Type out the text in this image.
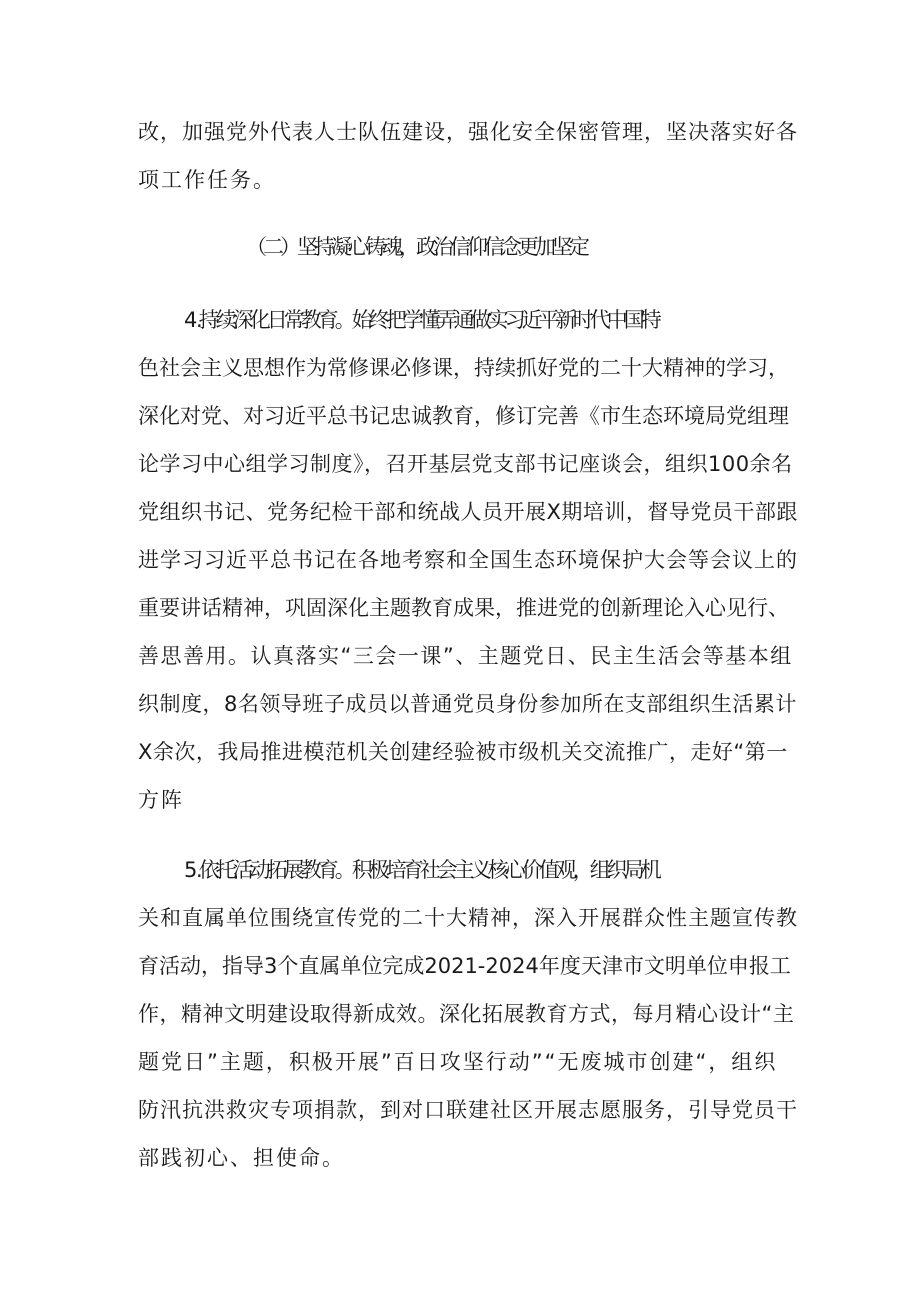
改，加强党外代表人士队伍建设，强化安全保密管理，坚决落实好各
项工作任务。
（二）坚持凝心铸魂，政治信仰信念更加坚定
4 .持续深化日常教育。始终把学懂弄通做实习近平新时代中国特
色社会主义思想作为常修课必修课，持续抓好党的二十大精神的学习，
深化对党、对习近平总书记忠诚教育，修订完善《市生态环境局党组理
论学习中心组学习制度》，召开基层党支部书记座谈会，组织100余名
党组织书记、党务纪检干部和统战人员开展X期培训，督导党员干部跟
进学习习近平总书记在各地考察和全国生态环境保护大会等会议上的
重要讲话精神，巩固深化主题教育成果，推进党的创新理论入心见行、
善思善用。认真落实“三会一课”、主题党日、民主生活会等基本组
织制度，8名领导班子成员以普通党员身份参加所在支部组织生活累计
X余次，我局推进模范机关创建经验被市级机关交流推广，走好“第一
方阵
5 .依托活动拓展教育。积极培育社会主义核心价值观，组织局机
关和直属单位围绕宣传党的二十大精神，深入开展群众性主题宣传教
育活动，指导3个直属单位完成2021-2024年度天津市文明单位申报工
作，精神文明建设取得新成效。深化拓展教育方式，每月精心设计“主
题党日”主题，积极开展”百日攻坚行动”“无废城市创建“，组织
防汛抗洪救灾专项捐款，到对口联建社区开展志愿服务，引导党员干
部践初心、担使命。
